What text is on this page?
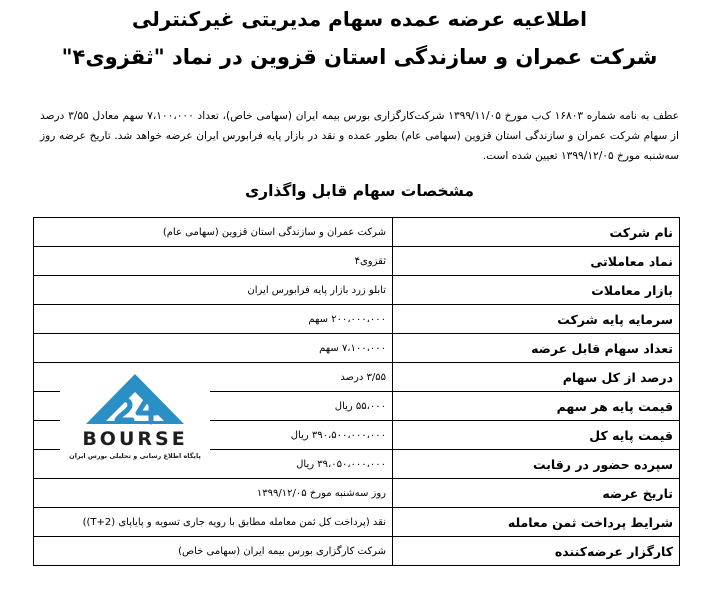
اطلاعیه عرضه عمده سهام مدیریتی غیرکنترلی
شرکت عمران و سازندگی استان قزوین در نماد "ثقزوی۴"
عطف به نامه شماره ۱۶۸۰۳ ک‌ب مورخ ۱۳۹۹/۱۱/۰۵ شرکت‌کارگزاری بورس بیمه ایران (سهامی خاص)، تعداد ۷،۱۰۰،۰۰۰ سهم معادل ۳/۵۵ درصد از سهام شرکت عمران و سازندگی استان قزوین (سهامی عام) بطور عمده و نقد در بازار پایه فرابورس ایران عرضه خواهد شد. تاریخ عرضه روز سه‌شنبه مورخ ۱۳۹۹/۱۲/۰۵ تعیین شده است.
مشخصات سهام قابل واگذاری
نام شرکت	شرکت عمران و سازندگی استان قزوین (سهامی عام)
نماد معاملاتی	ثقزوی۴
بازار معاملات	تابلو زرد بازار پایه فرابورس ایران
سرمایه پایه شرکت	۲۰۰،۰۰۰،۰۰۰ سهم
تعداد سهام قابل عرضه	۷،۱۰۰،۰۰۰ سهم
درصد از کل سهام	۳/۵۵ درصد
قیمت پایه هر سهم	۵۵،۰۰۰ ریال
قیمت پایه کل	۳۹۰،۵۰۰،۰۰۰،۰۰۰ ریال
سپرده حضور در رقابت	۳۹،۰۵۰،۰۰۰،۰۰۰ ریال
تاریخ عرضه	روز سه‌شنبه مورخ ۱۳۹۹/۱۲/۰۵
شرایط پرداخت ثمن معامله	نقد (پرداخت کل ثمن معامله مطابق با رویه جاری تسویه و پایاپای (T+2))
کارگزار عرضه‌کننده	شرکت کارگزاری بورس بیمه ایران (سهامی خاص)
BOURSE
پایگاه اطلاع رسانی و تحلیلی بورس ایران
